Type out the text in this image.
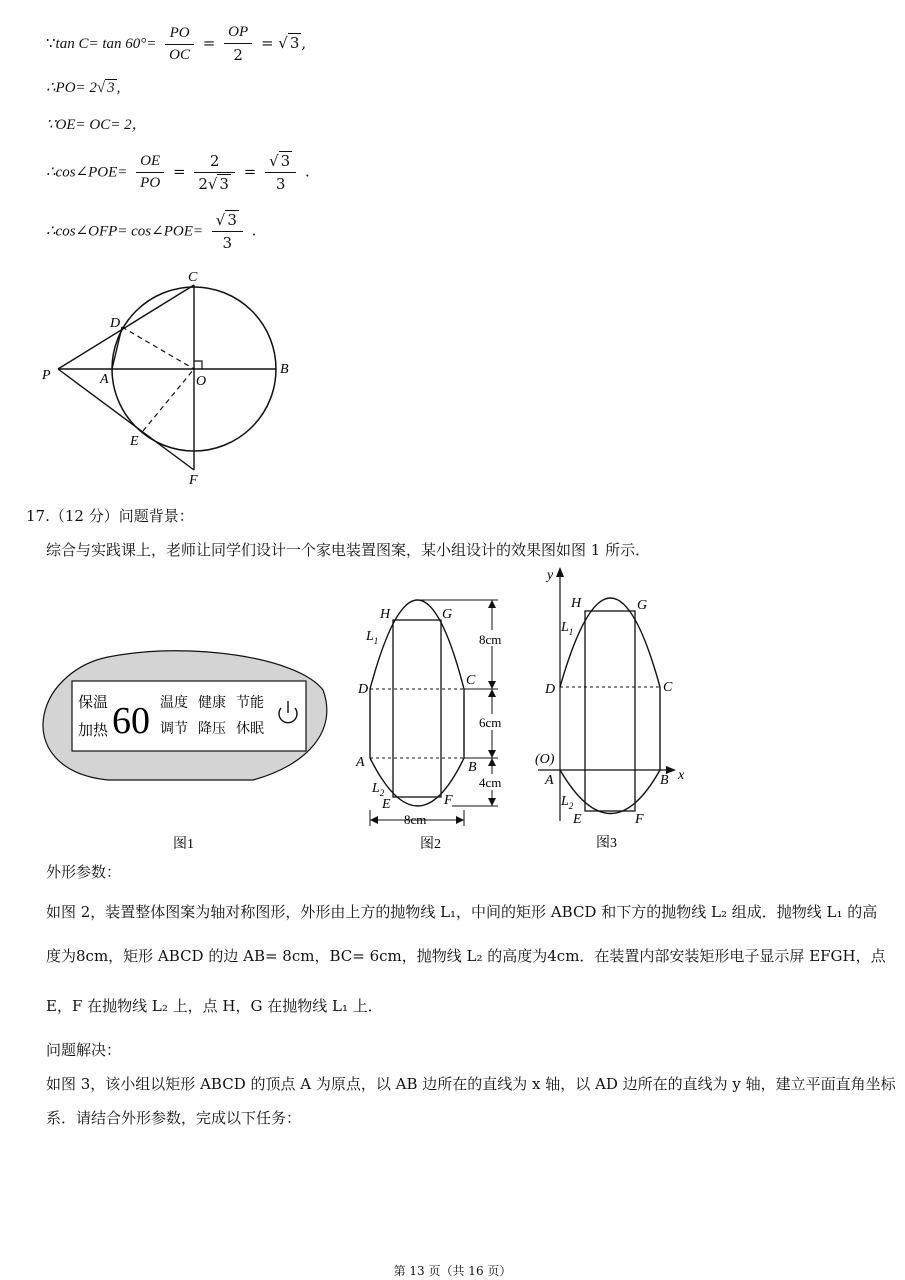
∵tan $C= \tan 60^\circ= \frac{PO}{OC} = \frac{OP}{2}$ = √ 3 ,
∴PO= 2√ 3 ,
∵OE= OC= 2，
∴cos∠POE= $\frac{OE}{PO} = \frac{2}{2√ 3} = \frac{√ 3}{3}$ .
∴cos∠OFP= cos∠POE= $\frac{√ 3}{3}$ .
C
D
P	A	O
B
E
F
17.（12 分）问题背景：
综合与实践课上，老师让同学们设计一个家电装置图案，某小组设计的效果图如图 1 所示．
保温
加热 60 温度 健康 节能
调节 降压 休眠
图1
8cm
6cm
4cm
8cm
H	G
$L_1$
D
C
A	B
$L_2$
E	F
图2
y
x
H	G
$L_1$
D	C
(O)
A	B
$L_2$
E	F
图3
外形参数：
如图 2，装置整体图案为轴对称图形，外形由上方的抛物线 L₁，中间的矩形 ABCD 和下方的抛物线 L₂ 组成．抛物线 L₁ 的高
度为8cm，矩形 ABCD 的边 AB= 8cm，BC= 6cm，抛物线 L₂ 的高度为4cm．在装置内部安装矩形电子显示屏 EFGH，点
E，F 在抛物线 L₂ 上，点 H，G 在抛物线 L₁ 上．
问题解决：
如图 3，该小组以矩形 ABCD 的顶点 A 为原点，以 AB 边所在的直线为 x 轴，以 AD 边所在的直线为 y 轴，建立平面直角坐标
系．请结合外形参数，完成以下任务：
第 13 页（共 16 页）
